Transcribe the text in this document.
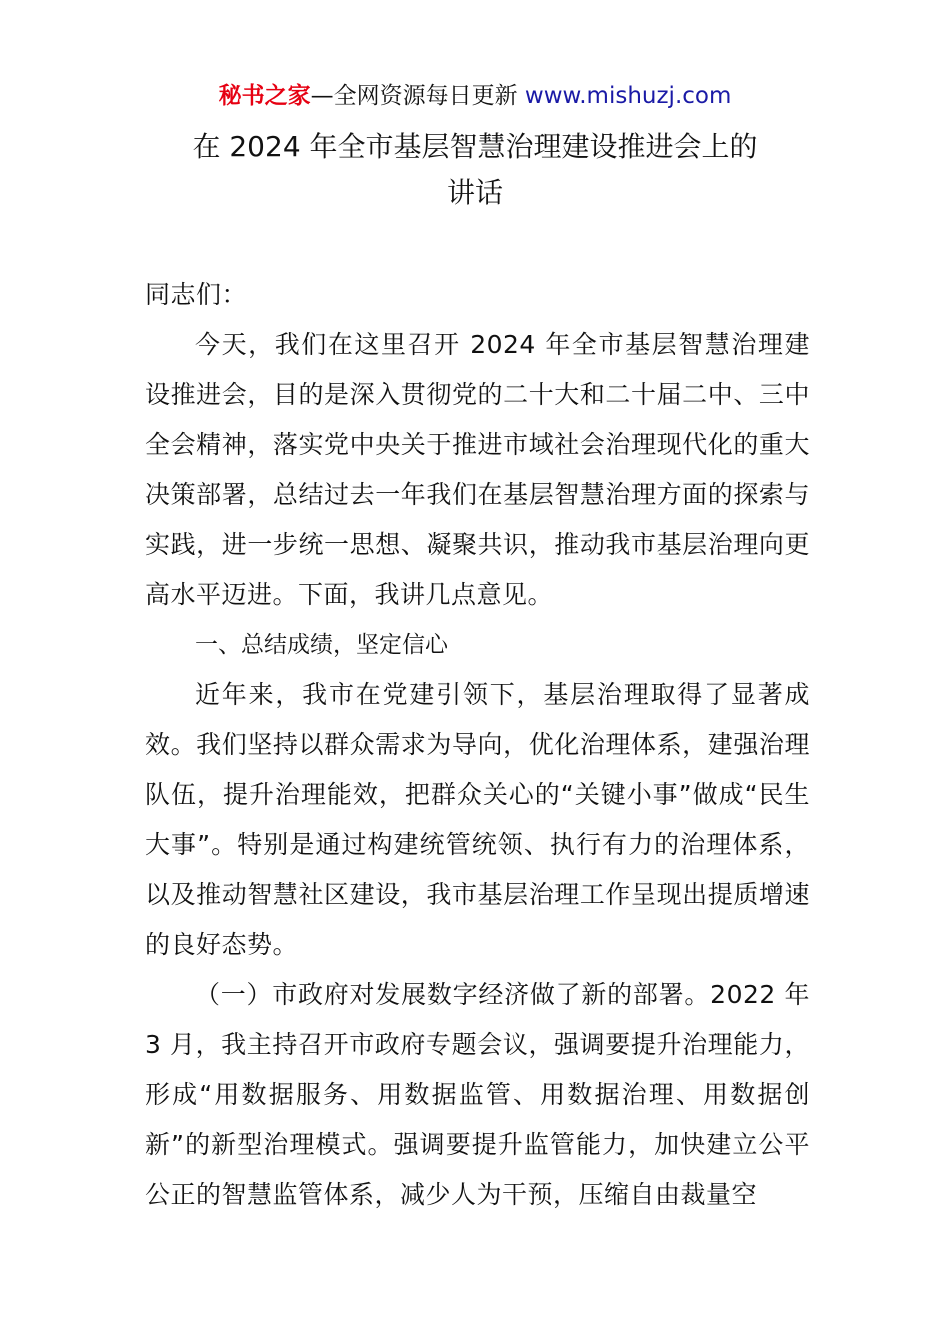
秘书之家—全网资源每日更新 www.mishuzj.com
在 2024 年全市基层智慧治理建设推进会上的
讲话

同志们：

今天，我们在这里召开 2024 年全市基层智慧治理建设推进会，目的是深入贯彻党的二十大和二十届二中、三中全会精神，落实党中央关于推进市域社会治理现代化的重大决策部署，总结过去一年我们在基层智慧治理方面的探索与实践，进一步统一思想、凝聚共识，推动我市基层治理向更高水平迈进。下面，我讲几点意见。

一、总结成绩，坚定信心

近年来，我市在党建引领下，基层治理取得了显著成效。我们坚持以群众需求为导向，优化治理体系，建强治理队伍，提升治理能效，把群众关心的“关键小事”做成“民生大事”。特别是通过构建统管统领、执行有力的治理体系，以及推动智慧社区建设，我市基层治理工作呈现出提质增速的良好态势。

（一）市政府对发展数字经济做了新的部署。2022 年 3 月，我主持召开市政府专题会议，强调要提升治理能力，形成“用数据服务、用数据监管、用数据治理、用数据创新”的新型治理模式。强调要提升监管能力，加快建立公平公正的智慧监管体系，减少人为干预，压缩自由裁量空
